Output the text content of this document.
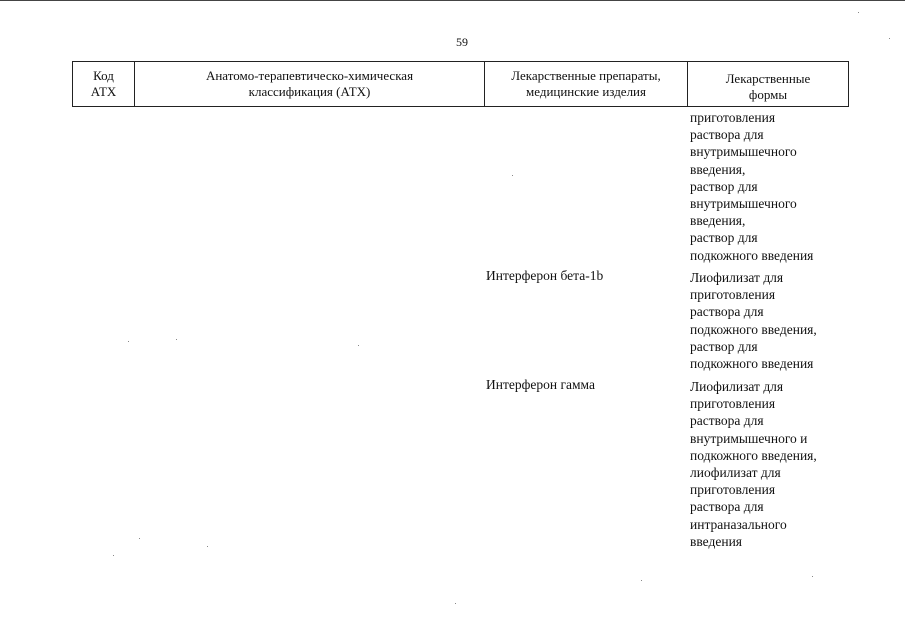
59
Код
АТХ
Анатомо-терапевтическо-химическая
классификация (АТХ)
Лекарственные препараты,
медицинские изделия
Лекарственные
формы
приготовления
раствора для
внутримышечного
введения,
раствор для
внутримышечного
введения,
раствор для
подкожного введения
Интерферон бета-1b	Лиофилизат для
приготовления
раствора для
подкожного введения,
раствор для
подкожного введения
Интерферон гамма	Лиофилизат для
приготовления
раствора для
внутримышечного и
подкожного введения,
лиофилизат для
приготовления
раствора для
интраназального
введения
